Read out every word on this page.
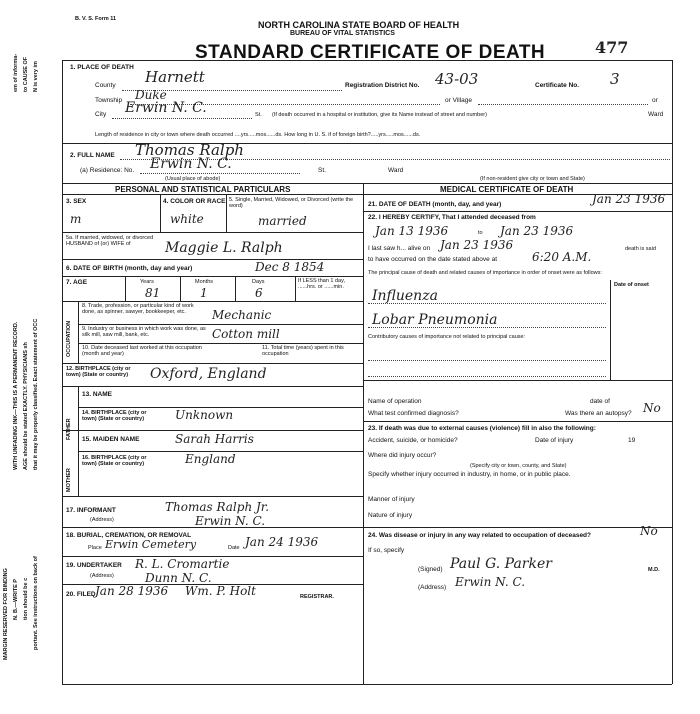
MARGIN RESERVED FOR BINDING
WITH UNFADING INK—THIS IS A PERMANENT RECORD. AGE should be stated EXACTLY. PHYSICIANS sh that it may be properly classified. Exact statement of OCC
N. B.—WRITE P tion should be c portant. See instructions on back of
em of informa- to CAUSE OF N is very im
B. V. S. Form 11
NORTH CAROLINA STATE BOARD OF HEALTH
BUREAU OF VITAL STATISTICS
STANDARD CERTIFICATE OF DEATH	477
1. PLACE OF DEATH
County Harnett	Registration District No. 43-03	Certificate No. 3
Township Duke	or Village	or
City Erwin N. C.	St. (If death occurred in a hospital or institution, give its Name instead of street and number)	Ward
Length of residence in city or town where death occurred ....yrs.....mos......ds. How long in U. S. if of foreign birth?.....yrs.....mos......ds.
2. FULL NAME Thomas Ralph
(a) Residence: No. Erwin N. C.	St.	Ward
(Usual place of abode)	(If non-resident give city or town and State)
PERSONAL AND STATISTICAL PARTICULARS	MEDICAL CERTIFICATE OF DEATH
3. SEX
m
4. COLOR OR RACE
white
5. Single, Married, Widowed, or Divorced (write the word)
married
5a. If married, widowed, or divorced HUSBAND of (or) WIFE of	Maggie L. Ralph
6. DATE OF BIRTH (month, day and year)	Dec 8 1854
7. AGE	Years	Months	Days	If LESS than 1 day, ......hrs. or ......min.
81	1	6
OCCUPATION
8. Trade, profession, or particular kind of work done, as spinner, sawyer, bookkeeper, etc.	Mechanic
9. Industry or business in which work was done, as silk mill, saw mill, bank, etc.	Cotton mill
10. Date deceased last worked at this occupation (month and year)
11. Total time (years) spent in this occupation
12. BIRTHPLACE (city or town) (State or country)	Oxford, England
FATHER
MOTHER
13. NAME
14. BIRTHPLACE (city or town) (State or country)	Unknown
15. MAIDEN NAME	Sarah Harris
16. BIRTHPLACE (city or town) (State or country)	England
17. INFORMANT
(Address)
Thomas Ralph Jr.
Erwin N. C.
18. BURIAL, CREMATION, OR REMOVAL
Place Erwin Cemetery	Date Jan 24 1936
19. UNDERTAKER
(Address)
R. L. Cromartie
Dunn N. C.
20. FILED Jan 28 1936 Wm. P. Holt	REGISTRAR.
21. DATE OF DEATH (month, day, and year)	Jan 23 1936
22. I HEREBY CERTIFY, That I attended deceased from
Jan 13 1936	to Jan 23 1936
I last saw h... alive on Jan 23 1936	death is said
to have occurred on the date stated above at	6:20 A.M.
The principal cause of death and related causes of importance in order of onset were as follows:
Date of onset
Influenza
Lobar Pneumonia
Contributory causes of importance not related to principal cause:
Name of operation	date of
What test confirmed diagnosis?	Was there an autopsy? No
23. If death was due to external causes (violence) fill in also the following:
Accident, suicide, or homicide?	Date of injury	19
Where did injury occur?
(Specify city or town, county, and State)
Specify whether injury occurred in industry, in home, or in public place.
Manner of injury
Nature of injury
24. Was disease or injury in any way related to occupation of deceased?	No
If so, specify
(Signed) Paul G. Parker	M.D.
(Address) Erwin N. C.
